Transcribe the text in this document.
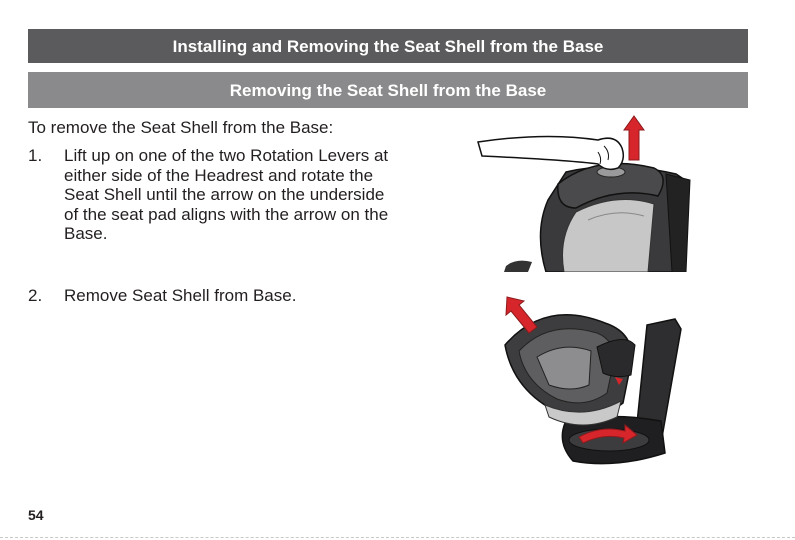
Installing and Removing the Seat Shell from the Base
Removing the Seat Shell from the Base
To remove the Seat Shell from the Base:
1. Lift up on one of the two Rotation Levers at either side of the Headrest and rotate the Seat Shell until the arrow on the underside of the seat pad aligns with the arrow on the Base.
2. Remove Seat Shell from Base.
54
